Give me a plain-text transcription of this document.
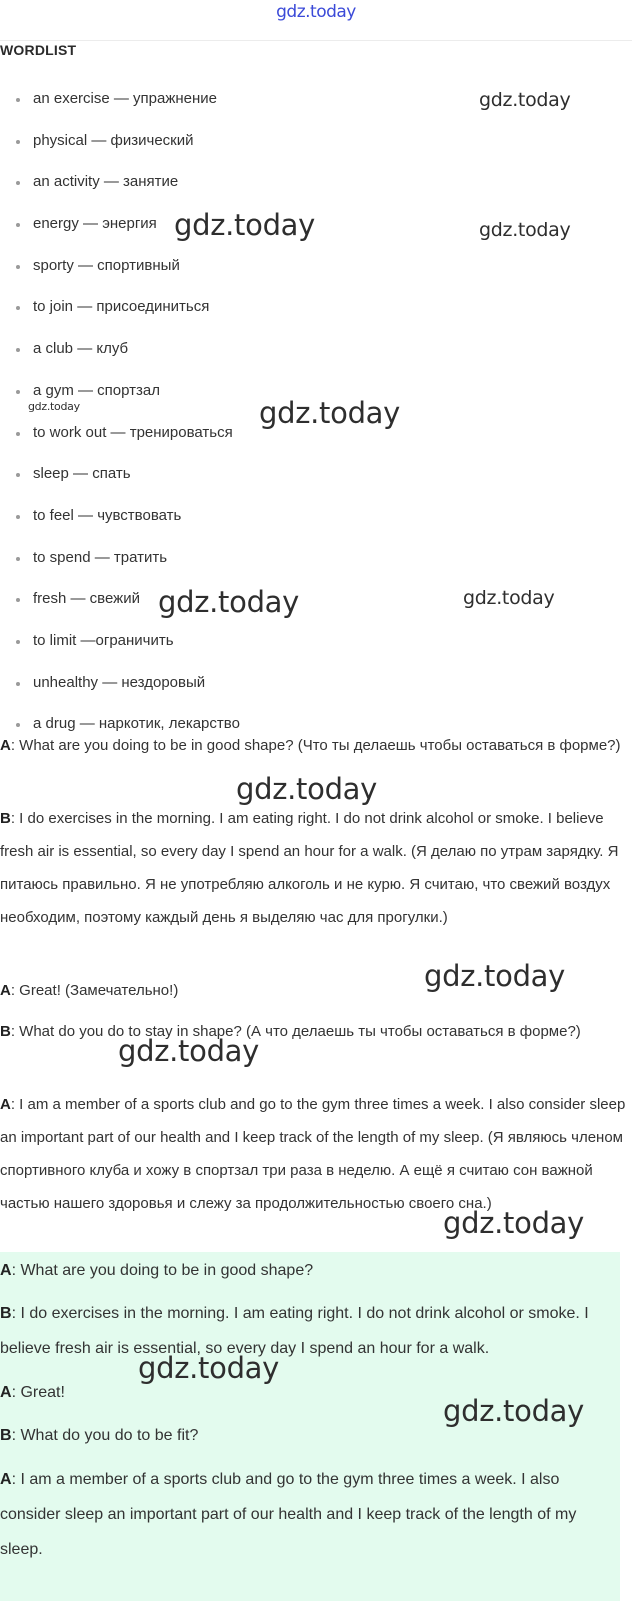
gdz.today
WORDLIST
an exercise — упражнение
physical — физический
an activity — занятие
energy — энергия
sporty — спортивный
to join — присоединиться
a club — клуб
a gym — спортзал
to work out — тренироваться
sleep — спать
to feel — чувствовать
to spend — тратить
fresh — свежий
to limit —ограничить
unhealthy — нездоровый
a drug — наркотик, лекарство

A: What are you doing to be in good shape? (Что ты делаешь чтобы оставаться в форме?)

B: I do exercises in the morning. I am eating right. I do not drink alcohol or smoke. I believe fresh air is essential, so every day I spend an hour for a walk. (Я делаю по утрам зарядку. Я питаюсь правильно. Я не употребляю алкоголь и не курю. Я считаю, что свежий воздух необходим, поэтому каждый день я выделяю час для прогулки.)

A: Great! (Замечательно!)

B: What do you do to stay in shape? (А что делаешь ты чтобы оставаться в форме?)

A: I am a member of a sports club and go to the gym three times a week. I also consider sleep an important part of our health and I keep track of the length of my sleep. (Я являюсь членом спортивного клуба и хожу в спортзал три раза в неделю. А ещё я считаю сон важной частью нашего здоровья и слежу за продолжительностью своего сна.)

A: What are you doing to be in good shape?

B: I do exercises in the morning. I am eating right. I do not drink alcohol or smoke. I believe fresh air is essential, so every day I spend an hour for a walk.

A: Great!

B: What do you do to be fit?

A: I am a member of a sports club and go to the gym three times a week. I also consider sleep an important part of our health and I keep track of the length of my sleep.

gdz.today
gdz.today	gdz.today
gdz.today	gdz.today
gdz.today	gdz.today
gdz.today
gdz.today
gdz.today
gdz.today
gdz.today
gdz.today
